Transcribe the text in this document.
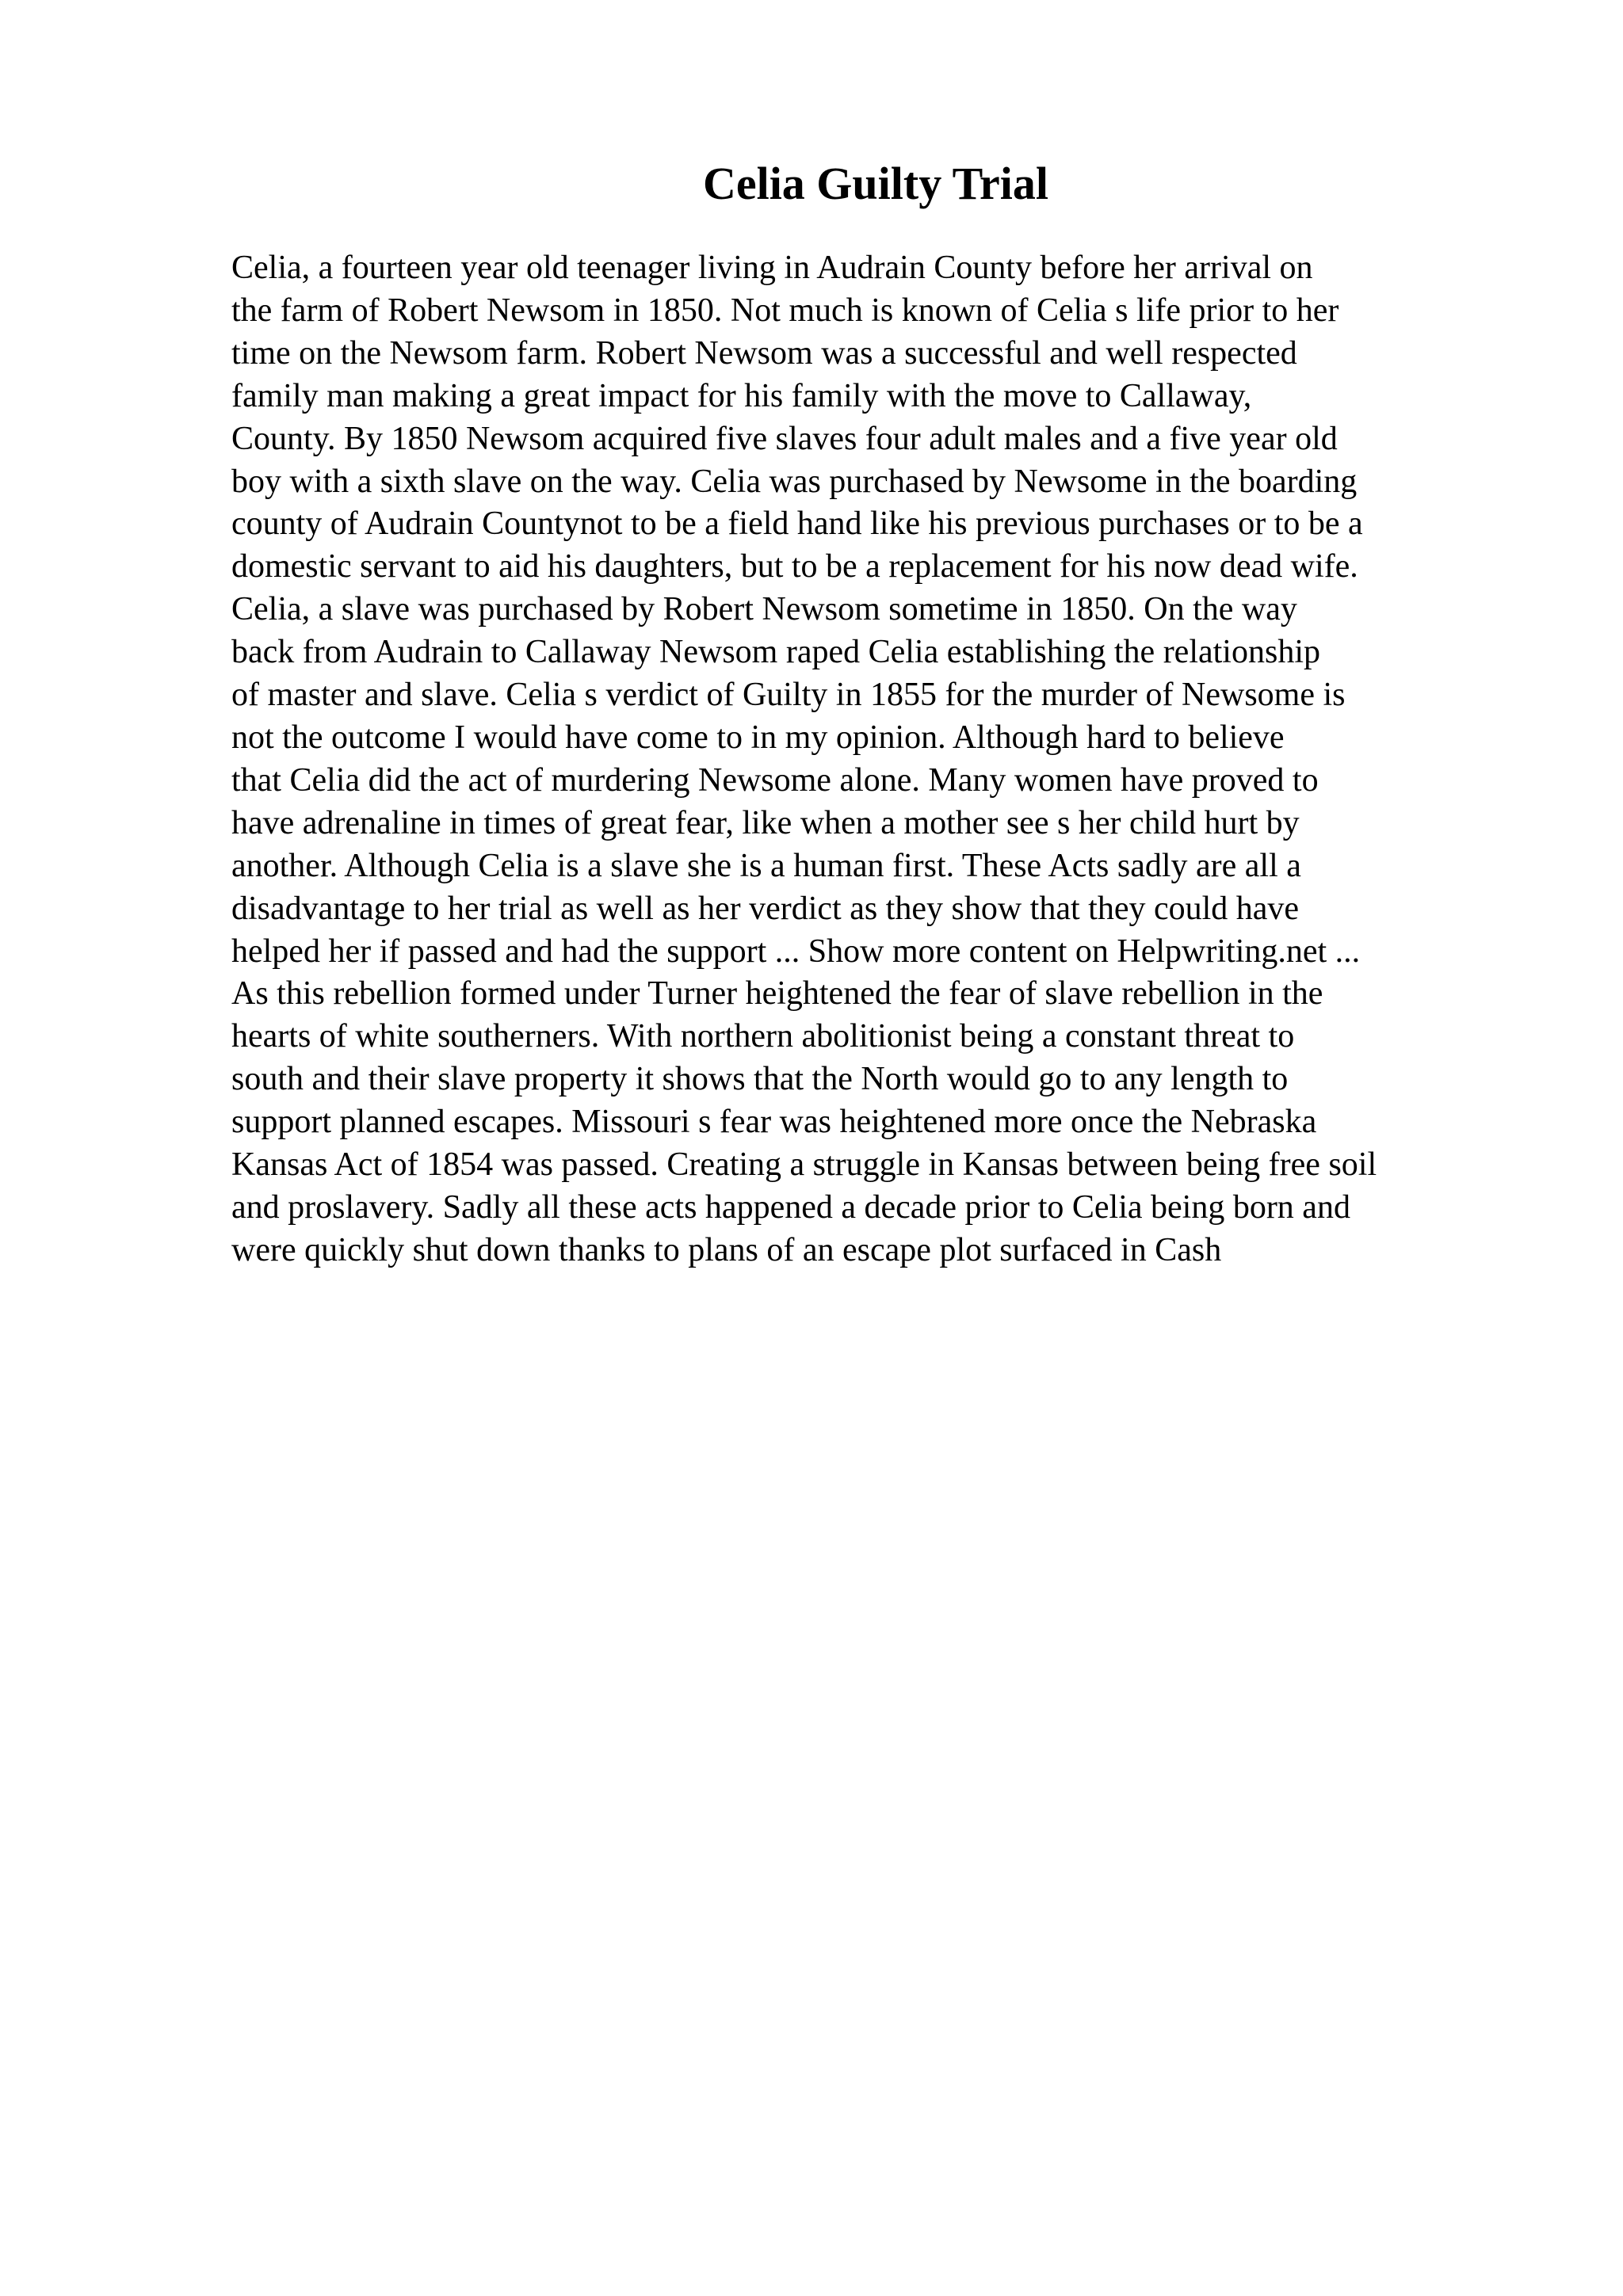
Celia Guilty Trial
Celia, a fourteen year old teenager living in Audrain County before her arrival on
the farm of Robert Newsom in 1850. Not much is known of Celia s life prior to her
time on the Newsom farm. Robert Newsom was a successful and well respected
family man making a great impact for his family with the move to Callaway,
County. By 1850 Newsom acquired five slaves four adult males and a five year old
boy with a sixth slave on the way. Celia was purchased by Newsome in the boarding
county of Audrain Countynot to be a field hand like his previous purchases or to be a
domestic servant to aid his daughters, but to be a replacement for his now dead wife.
Celia, a slave was purchased by Robert Newsom sometime in 1850. On the way
back from Audrain to Callaway Newsom raped Celia establishing the relationship
of master and slave. Celia s verdict of Guilty in 1855 for the murder of Newsome is
not the outcome I would have come to in my opinion. Although hard to believe
that Celia did the act of murdering Newsome alone. Many women have proved to
have adrenaline in times of great fear, like when a mother see s her child hurt by
another. Although Celia is a slave she is a human first. These Acts sadly are all a
disadvantage to her trial as well as her verdict as they show that they could have
helped her if passed and had the support ... Show more content on Helpwriting.net ...
As this rebellion formed under Turner heightened the fear of slave rebellion in the
hearts of white southerners. With northern abolitionist being a constant threat to
south and their slave property it shows that the North would go to any length to
support planned escapes. Missouri s fear was heightened more once the Nebraska
Kansas Act of 1854 was passed. Creating a struggle in Kansas between being free soil
and proslavery. Sadly all these acts happened a decade prior to Celia being born and
were quickly shut down thanks to plans of an escape plot surfaced in Cash
